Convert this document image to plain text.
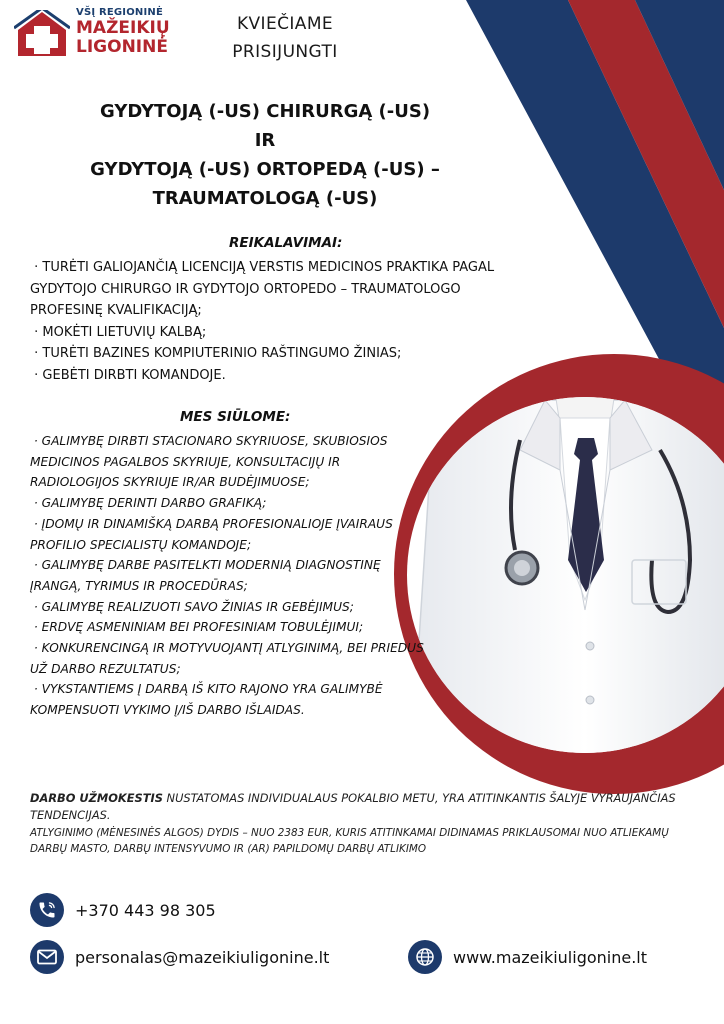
VŠĮ REGIONINĖ
MAŽEIKIŲ
LIGONINĖ
KVIEČIAME
PRISIJUNGTI
GYDYTOJĄ (-US) CHIRURGĄ (-US)
IR
GYDYTOJĄ (-US) ORTOPEDĄ (-US) –
TRAUMATOLOGĄ (-US)
REIKALAVIMAI:
· TURĖTI GALIOJANČIĄ LICENCIJĄ VERSTIS MEDICINOS PRAKTIKA PAGAL GYDYTOJO CHIRURGO IR GYDYTOJO ORTOPEDO – TRAUMATOLOGO PROFESINĘ KVALIFIKACIJĄ;
· MOKĖTI LIETUVIŲ KALBĄ;
· TURĖTI BAZINES KOMPIUTERINIO RAŠTINGUMO ŽINIAS;
· GEBĖTI DIRBTI KOMANDOJE.
MES SIŪLOME:
· GALIMYBĘ DIRBTI STACIONARO SKYRIUOSE, SKUBIOSIOS MEDICINOS PAGALBOS SKYRIUJE, KONSULTACIJŲ IR RADIOLOGIJOS SKYRIUJE IR/AR BUDĖJIMUOSE;
· GALIMYBĘ DERINTI DARBO GRAFIKĄ;
· ĮDOMŲ IR DINAMIŠKĄ DARBĄ PROFESIONALIOJE ĮVAIRAUS PROFILIO SPECIALISTŲ KOMANDOJE;
· GALIMYBĘ DARBE PASITELKTI MODERNIĄ DIAGNOSTINĘ ĮRANGĄ, TYRIMUS IR PROCEDŪRAS;
· GALIMYBĘ REALIZUOTI SAVO ŽINIAS IR GEBĖJIMUS;
· ERDVĘ ASMENINIAM BEI PROFESINIAM TOBULĖJIMUI;
· KONKURENCINGĄ IR MOTYVUOJANTĮ ATLYGINIMĄ, BEI PRIEDUS UŽ DARBO REZULTATUS;
· VYKSTANTIEMS Į DARBĄ IŠ KITO RAJONO YRA GALIMYBĖ KOMPENSUOTI VYKIMO Į/IŠ DARBO IŠLAIDAS.
DARBO UŽMOKESTIS NUSTATOMAS INDIVIDUALAUS POKALBIO METU, YRA ATITINKANTIS ŠALYJE VYRAUJANČIAS TENDENCIJAS.
ATLYGINIMO (MĖNESINĖS ALGOS) DYDIS – NUO 2383 EUR, KURIS ATITINKAMAI DIDINAMAS PRIKLAUSOMAI NUO ATLIEKAMŲ DARBŲ MASTO, DARBŲ INTENSYVUMO IR (AR) PAPILDOMŲ DARBŲ ATLIKIMO
+370 443 98 305
personalas@mazeikiuligonine.lt	www.mazeikiuligonine.lt
